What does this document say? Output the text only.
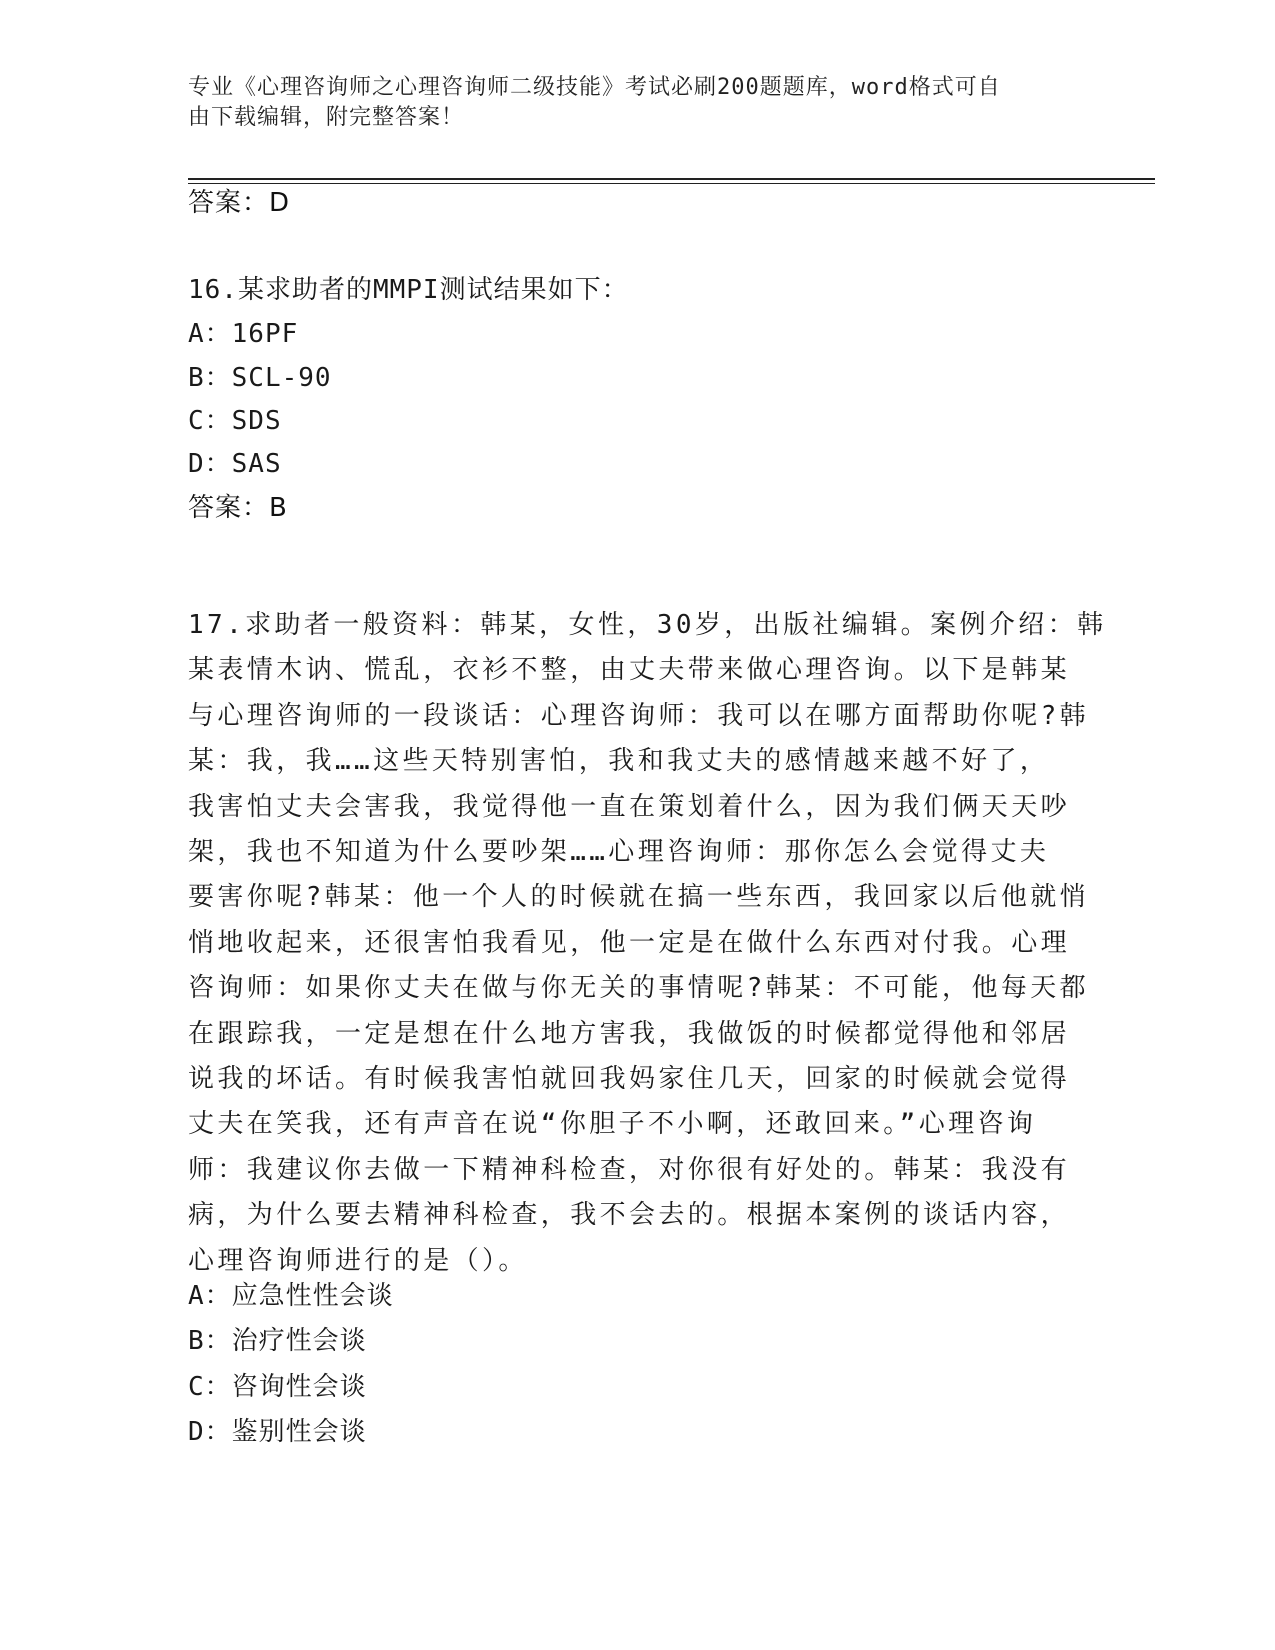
专业《心理咨询师之心理咨询师二级技能》考试必刷200题题库，word格式可自
由下载编辑，附完整答案！
答案：D
16.某求助者的MMPI测试结果如下：
A：16PF
B：SCL-90
C：SDS
D：SAS
答案：B
17.求助者一般资料：韩某，女性，30岁，出版社编辑。案例介绍：韩
某表情木讷、慌乱，衣衫不整，由丈夫带来做心理咨询。以下是韩某
与心理咨询师的一段谈话：心理咨询师：我可以在哪方面帮助你呢?韩
某：我，我……这些天特别害怕，我和我丈夫的感情越来越不好了，
我害怕丈夫会害我，我觉得他一直在策划着什么，因为我们俩天天吵
架，我也不知道为什么要吵架……心理咨询师：那你怎么会觉得丈夫
要害你呢?韩某：他一个人的时候就在搞一些东西，我回家以后他就悄
悄地收起来，还很害怕我看见，他一定是在做什么东西对付我。心理
咨询师：如果你丈夫在做与你无关的事情呢?韩某：不可能，他每天都
在跟踪我，一定是想在什么地方害我，我做饭的时候都觉得他和邻居
说我的坏话。有时候我害怕就回我妈家住几天，回家的时候就会觉得
丈夫在笑我，还有声音在说“你胆子不小啊，还敢回来。”心理咨询
师：我建议你去做一下精神科检查，对你很有好处的。韩某：我没有
病，为什么要去精神科检查，我不会去的。根据本案例的谈话内容，
心理咨询师进行的是（）。
A：应急性性会谈
B：治疗性会谈
C：咨询性会谈
D：鉴别性会谈
